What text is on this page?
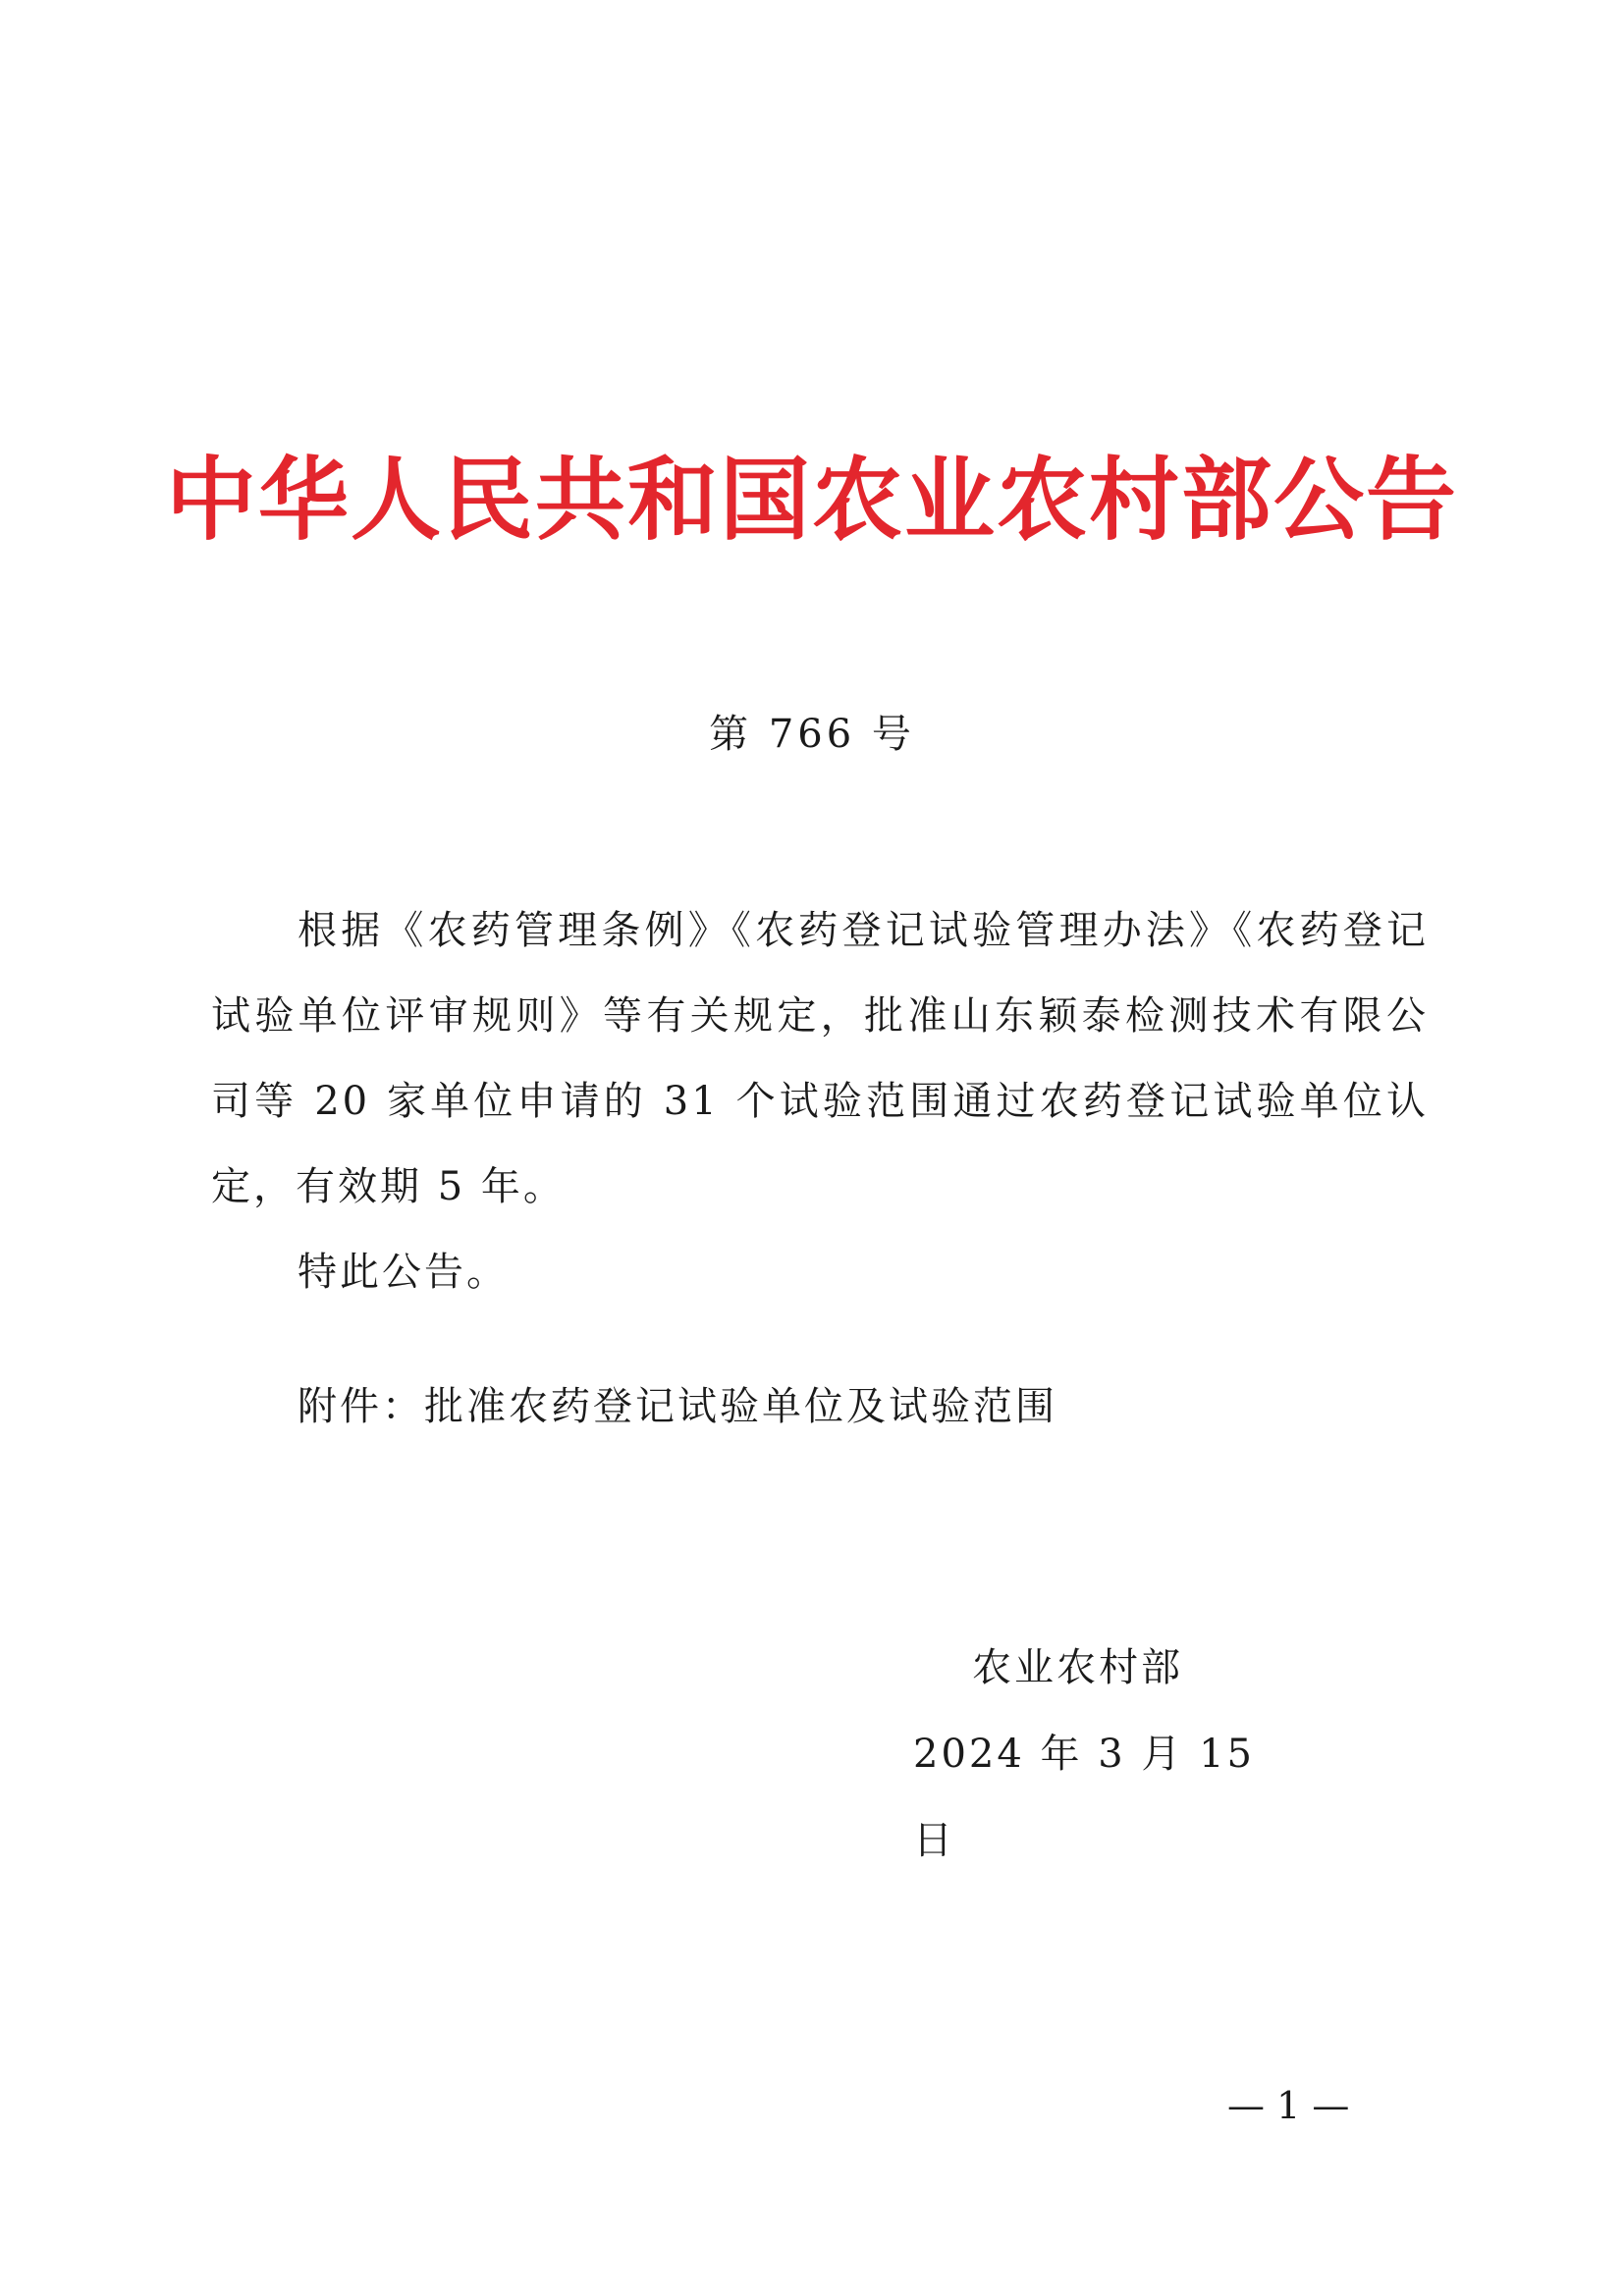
中华人民共和国农业农村部公告
第 766 号

根据《农药管理条例》《农药登记试验管理办法》《农药登记试验单位评审规则》等有关规定，批准山东颖泰检测技术有限公司等 20 家单位申请的 31 个试验范围通过农药登记试验单位认定，有效期 5 年。

特此公告。

附件：批准农药登记试验单位及试验范围
农业农村部
2024 年 3 月 15 日
— 1 —
